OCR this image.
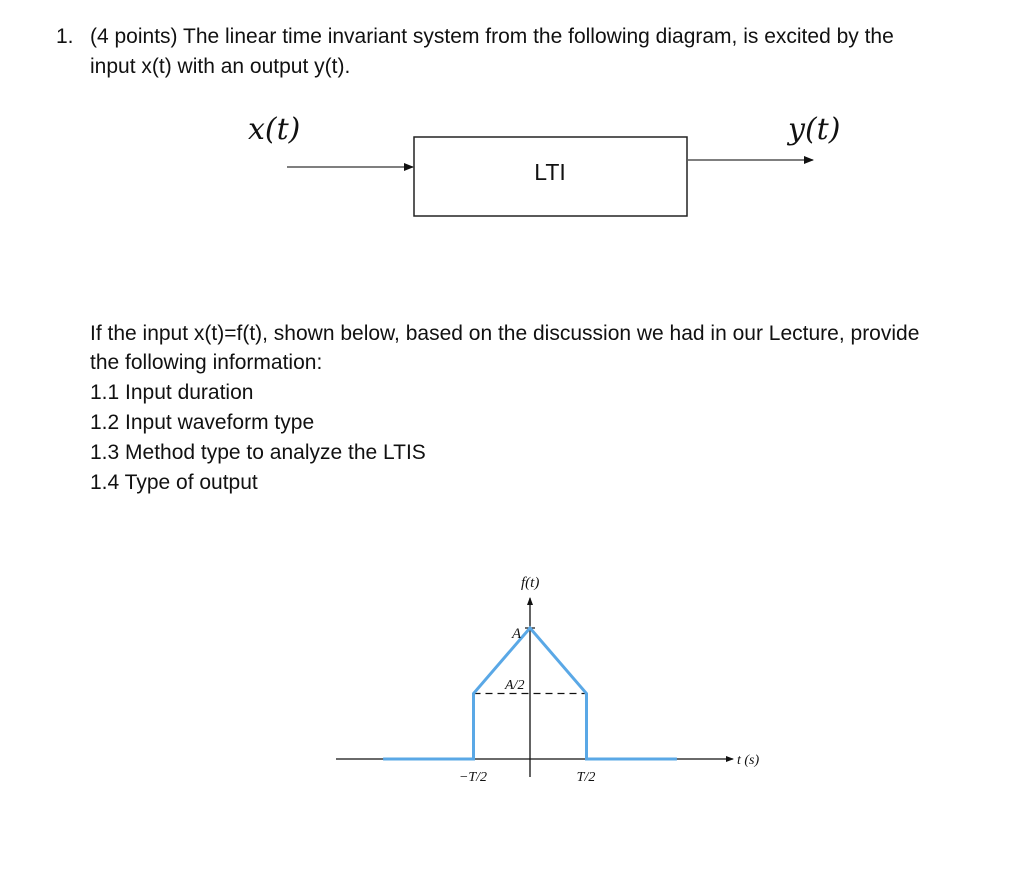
1. (4 points) The linear time invariant system from the following diagram, is excited by the
input x(t) with an output y(t).
x(t)	y(t)
LTI
If the input x(t)=f(t), shown below, based on the discussion we had in our Lecture, provide
the following information:
1.1 Input duration
1.2 Input waveform type
1.3 Method type to analyze the LTIS
1.4 Type of output
f(t)
t (s)
A
A/2
−T/2	T/2
